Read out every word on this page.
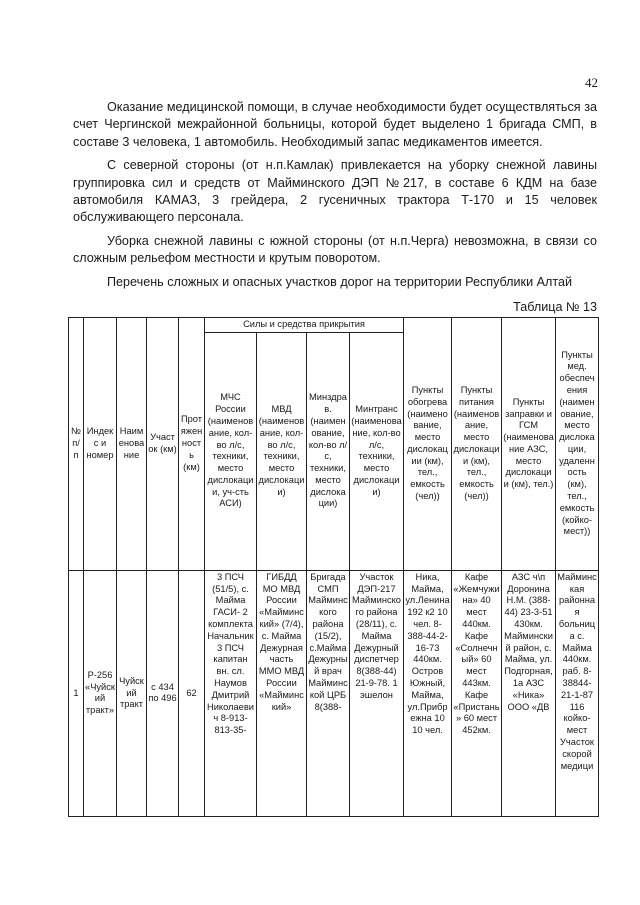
42

Оказание медицинской помощи, в случае необходимости будет осуществляться за счет Чергинской межрайонной больницы, которой будет выделено 1 бригада СМП, в составе 3 человека, 1 автомобиль. Необходимый запас медикаментов имеется.

С северной стороны (от н.п.Камлак) привлекается на уборку снежной лавины группировка сил и средств от Майминского ДЭП №217, в составе 6 КДМ на базе автомобиля КАМАЗ, 3 грейдера, 2 гусеничных трактора Т-170 и 15 человек обслуживающего персонала.

Уборка снежной лавины с южной стороны (от н.п.Черга) невозможна, в связи со сложным рельефом местности и крутым поворотом.

Перечень сложных и опасных участков дорог на территории Республики Алтай

Таблица № 13
№ п/п	Индекс и номер	Наименование	Участок (км)	Протяженность (км)	Силы и средства прикрытия				Пункты обогрева (наименование, место дислокации (км), тел., емкость (чел))	Пункты питания (наименование, место дислокации (км), тел., емкость (чел))	Пункты заправки и ГСМ (наименование АЗС, место дислокации (км), тел.)	Пункты мед. обеспечения (наименование, место дислокации, удаленность (км), тел., емкость (койко-мест))
					МЧС России (наименование, кол-во л/с, техники, место дислокации, уч-сть АСИ)	МВД (наименование, кол-во л/с, техники, место дислокации)	Минздрав. (наименование, кол-во л/с, техники, место дислокации)	Минтранс (наименование, кол-во л/с, техники, место дислокации)				
1	Р-256 «Чуйский тракт»	Чуйский тракт	с 434 по 496	62	3 ПСЧ (51/5), с. Майма ГАСИ- 2 комплекта Начальник 3 ПСЧ капитан вн. сл. Наумов Дмитрий Николаевич 8-913-813-35-	ГИБДД МО МВД России «Майминский» (7/4), с. Майма Дежурная часть ММО МВД России «Майминский»	Бригада СМП Майминского района (15/2), с.Майма Дежурный врач Майминской ЦРБ 8(388-	Участок ДЭП-217 Майминского района (28/11), с. Майма Дежурный диспетчер 8(388-44) 21-9-78. 1 эшелон	Ника, Майма, ул.Ленина 192 к2 10 чел. 8-388-44-2-16-73 440км. Остров Южный, Майма, ул.Прибрежна 10 10 чел.	Кафе «Жемчужина» 40 мест 440км. Кафе «Солнечный» 60 мест 443км. Кафе «Пристань» 60 мест 452км.	АЗС ч\п Доронина Н.М. (388-44) 23-3-51 430км. Майминский район, с. Майма, ул. Подгорная, 1а АЗС «Ника» ООО «ДВ	Майминская районная больница с. Майма 440км. раб. 8-38844-21-1-87 116 койко-мест Участок скорой медици
